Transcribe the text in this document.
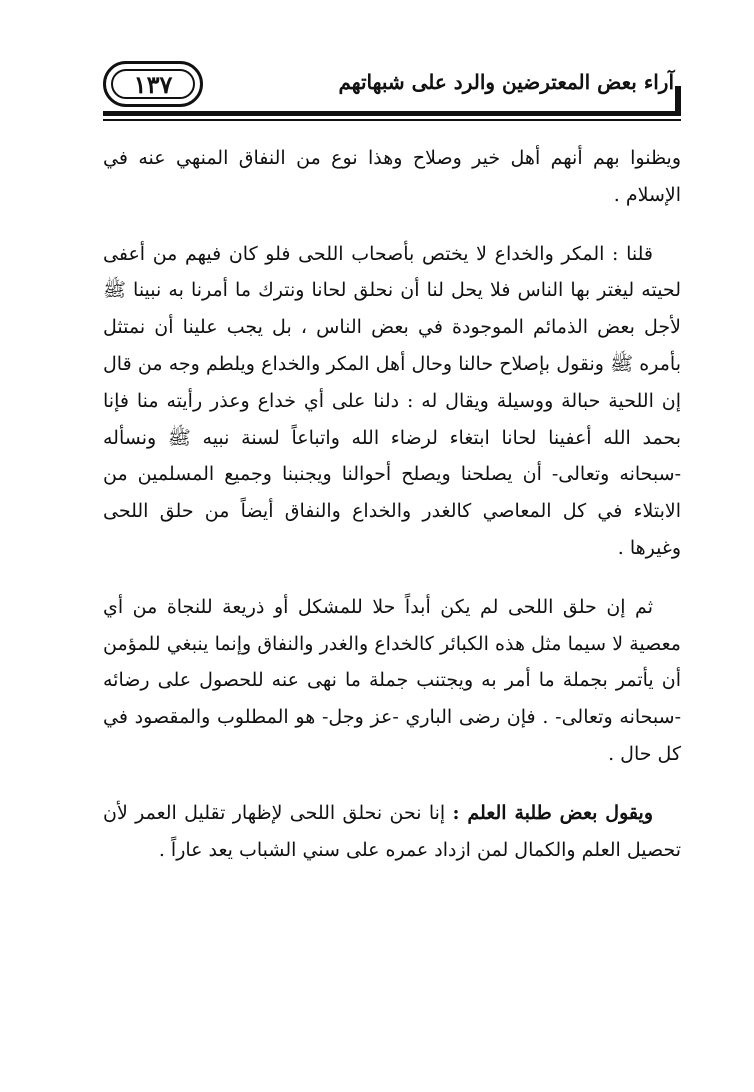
١٣٧	آراء بعض المعترضين والرد على شبهاتهم

ويظنوا بهم أنهم أهل خير وصلاح وهذا نوع من النفاق المنهي عنه في الإسلام .

قلنا : المكر والخداع لا يختص بأصحاب اللحى فلو كان فيهم من أعفى لحيته ليغتر بها الناس فلا يحل لنا أن نحلق لحانا ونترك ما أمرنا به نبينا ﷺ لأجل بعض الذمائم الموجودة في بعض الناس ، بل يجب علينا أن نمتثل بأمره ﷺ ونقول بإصلاح حالنا وحال أهل المكر والخداع ويلطم وجه من قال إن اللحية حبالة ووسيلة ويقال له : دلنا على أي خداع وعذر رأيته منا فإنا بحمد الله أعفينا لحانا ابتغاء لرضاء الله واتباعاً لسنة نبيه ﷺ ونسأله -سبحانه وتعالى- أن يصلحنا ويصلح أحوالنا ويجنبنا وجميع المسلمين من الابتلاء في كل المعاصي كالغدر والخداع والنفاق أيضاً من حلق اللحى وغيرها .

ثم إن حلق اللحى لم يكن أبداً حلا للمشكل أو ذريعة للنجاة من أي معصية لا سيما مثل هذه الكبائر كالخداع والغدر والنفاق وإنما ينبغي للمؤمن أن يأتمر بجملة ما أمر به ويجتنب جملة ما نهى عنه للحصول على رضائه -سبحانه وتعالى- . فإن رضى الباري -عز وجل- هو المطلوب والمقصود في كل حال .

ويقول بعض طلبة العلم : إنا نحن نحلق اللحى لإظهار تقليل العمر لأن تحصيل العلم والكمال لمن ازداد عمره على سني الشباب يعد عاراً .
